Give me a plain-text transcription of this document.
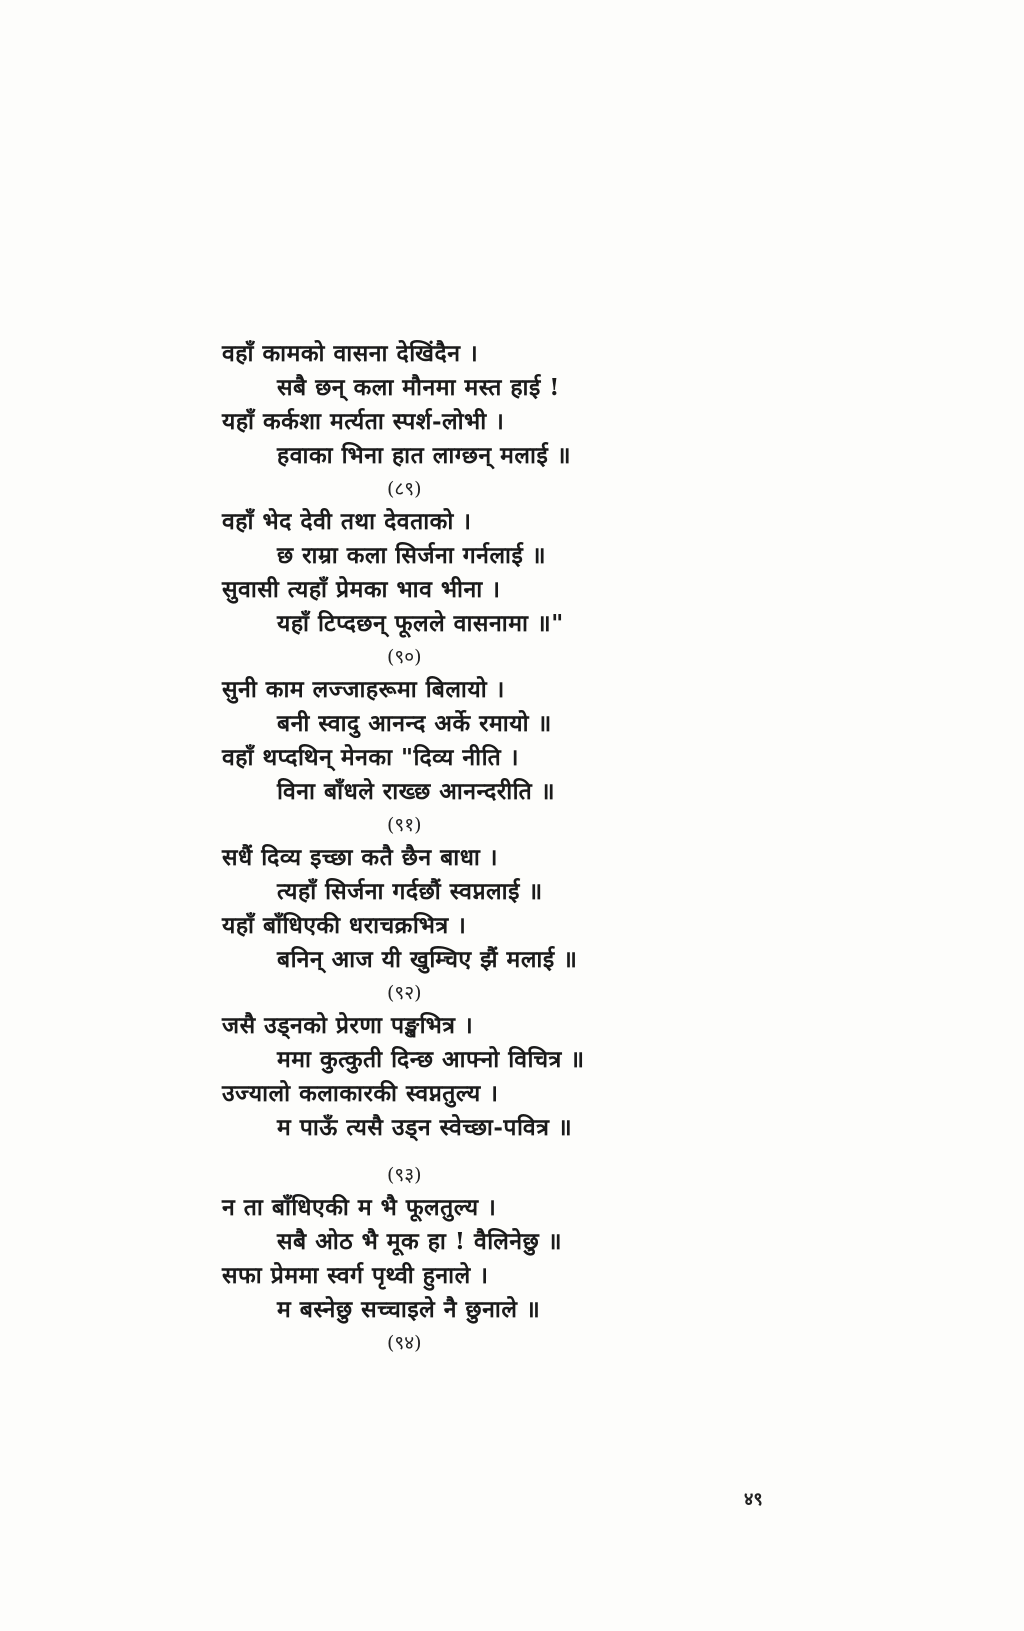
वहाँ कामको वासना देखिंदैन ।
सबै छन् कला मौनमा मस्त हाई !
यहाँ कर्कशा मर्त्यता स्पर्श-लोभी ।
हवाका भिना हात लाग्छन् मलाई ॥
(८९)
वहाँ भेद देवी तथा देवताको ।
छ राम्रा कला सिर्जना गर्नलाई ॥
सुवासी त्यहाँ प्रेमका भाव भीना ।
यहाँ टिप्दछन् फूलले वासनामा ॥"
(९०)
सुनी काम लज्जाहरूमा बिलायो ।
बनी स्वादु आनन्द अर्के रमायो ॥
वहाँ थप्दथिन् मेनका "दिव्य नीति ।
विना बाँधले राख्छ आनन्दरीति ॥
(९१)
सधैं दिव्य इच्छा कतै छैन बाधा ।
त्यहाँ सिर्जना गर्दछौं स्वप्नलाई ॥
यहाँ बाँधिएकी धराचक्रभित्र ।
बनिन् आज यी खुम्चिए झैं मलाई ॥
(९२)
जसै उड्नको प्रेरणा पङ्खभित्र ।
ममा कुत्कुती दिन्छ आफ्नो विचित्र ॥
उज्यालो कलाकारकी स्वप्नतुल्य ।
म पाऊँ त्यसै उड्न स्वेच्छा-पवित्र ॥
(९३)
न ता बाँधिएकी म भै फूलतुल्य ।
सबै ओठ भै मूक हा ! वैलिनेछु ॥
सफा प्रेममा स्वर्ग पृथ्वी हुनाले ।
म बस्नेछु सच्चाइले नै छुनाले ॥
(९४)
४९
